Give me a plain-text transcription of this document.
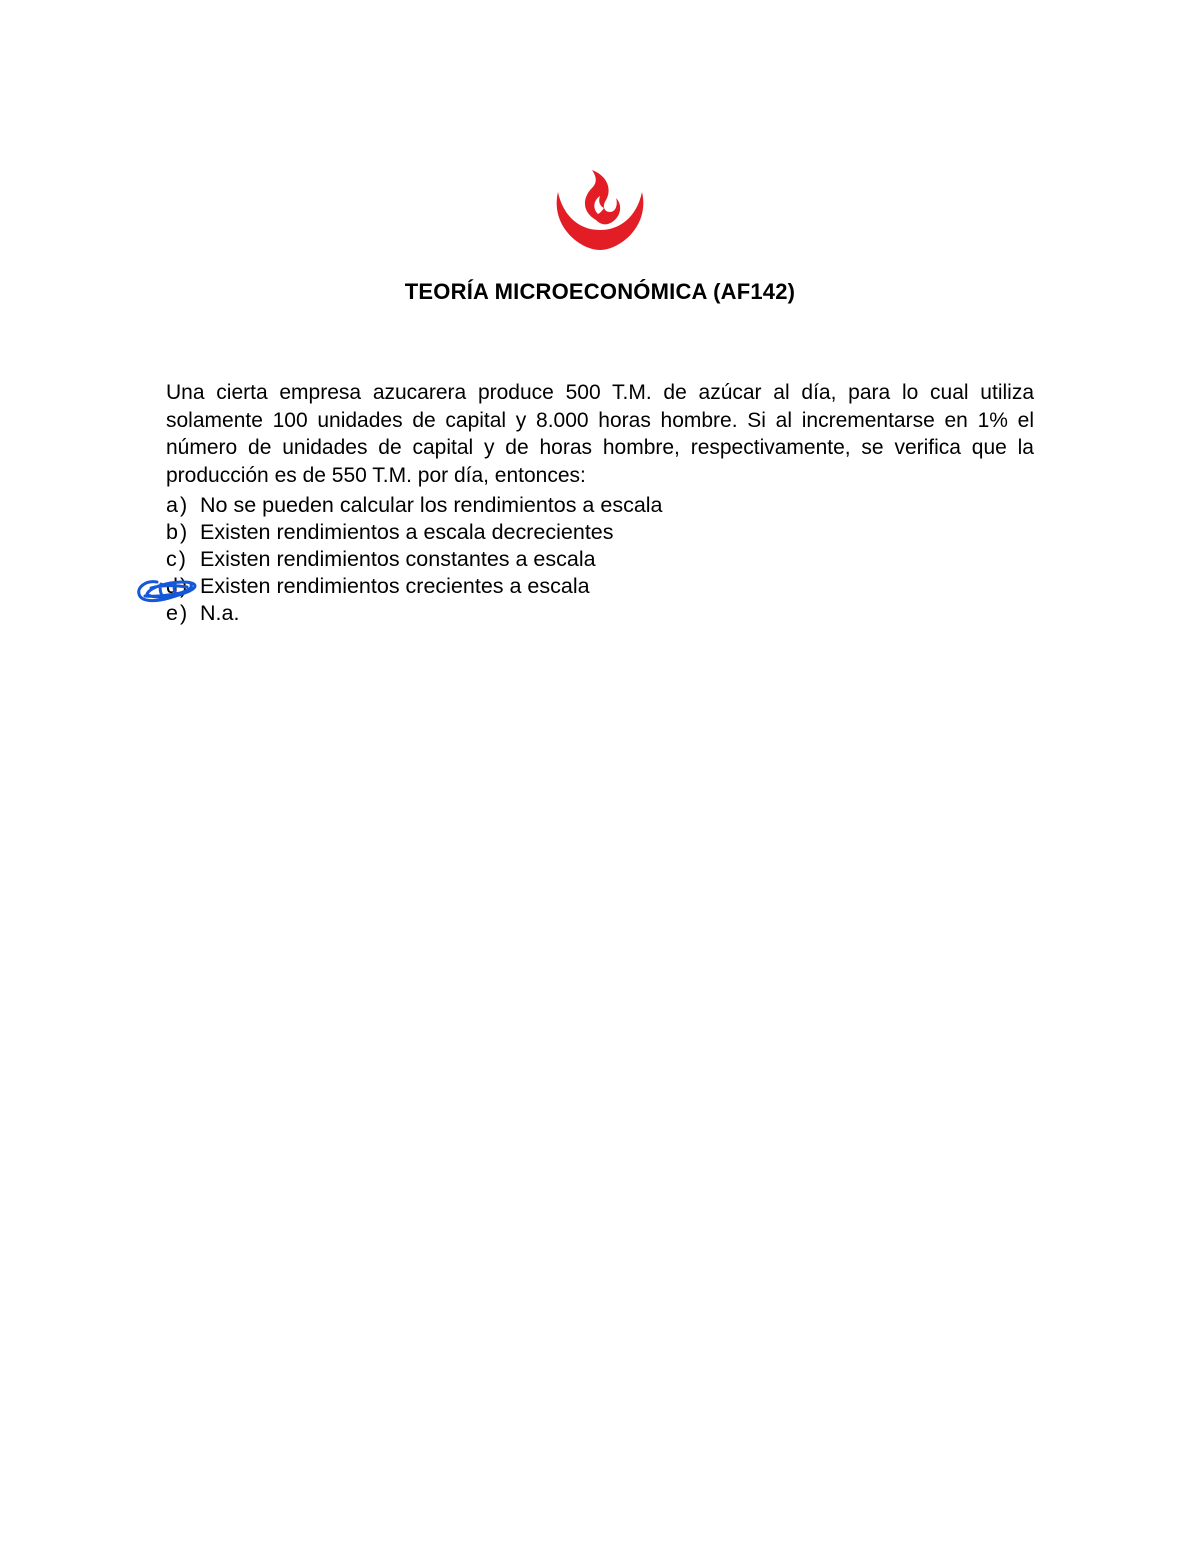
TEORÍA MICROECONÓMICA (AF142)

Una cierta empresa azucarera produce 500 T.M. de azúcar al día, para lo cual utiliza solamente 100 unidades de capital y 8.000 horas hombre. Si al incrementarse en 1% el número de unidades de capital y de horas hombre, respectivamente, se verifica que la producción es de 550 T.M. por día, entonces:

a) No se pueden calcular los rendimientos a escala
b) Existen rendimientos a escala decrecientes
c) Existen rendimientos constantes a escala
d) Existen rendimientos crecientes a escala
e) N.a.
